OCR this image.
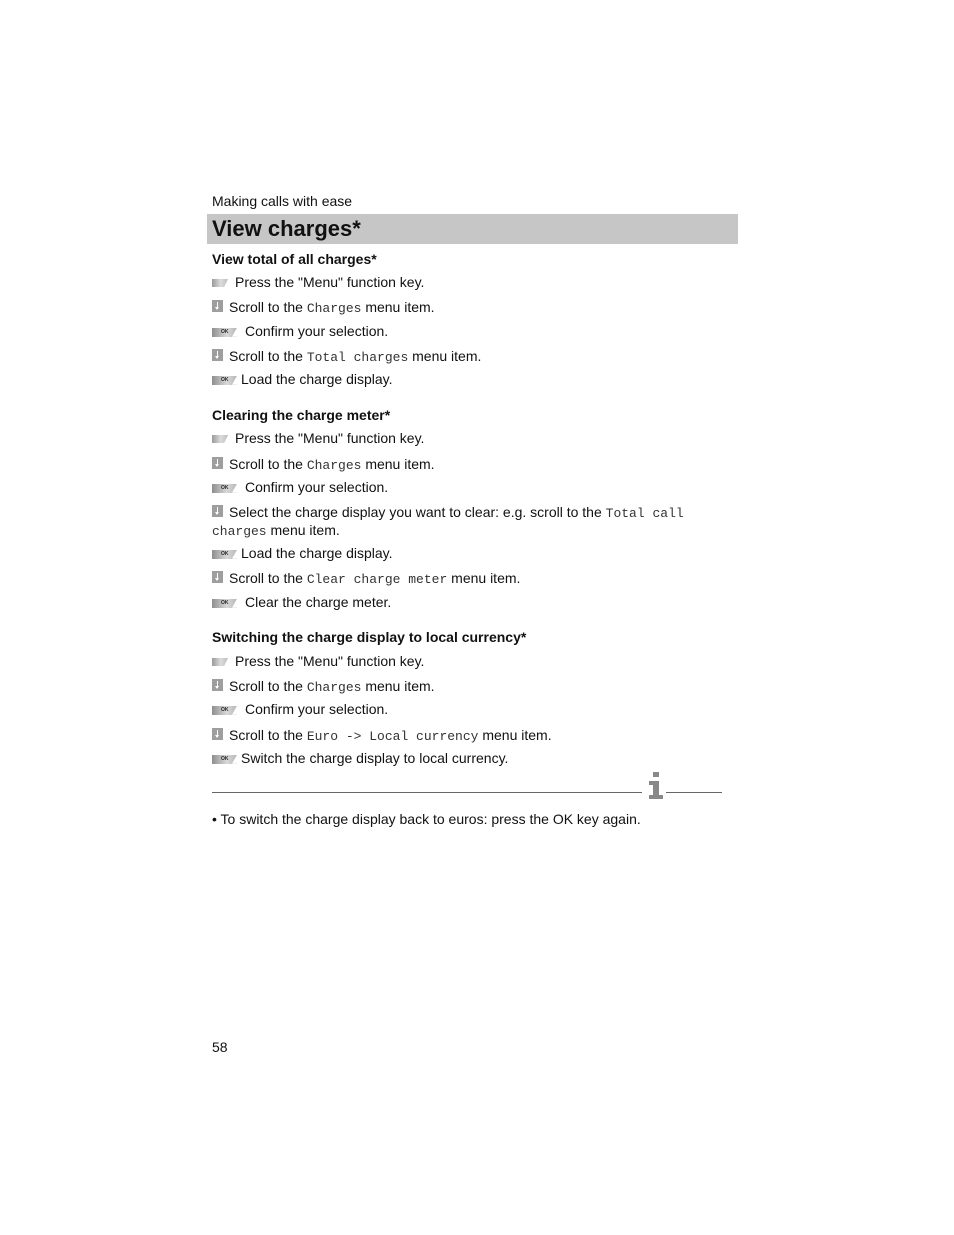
Making calls with ease
View charges*
View total of all charges*
Press the "Menu" function key.
Scroll to the Charges menu item.
OKConfirm your selection.
Scroll to the Total charges menu item.
OKLoad the charge display.
Clearing the charge meter*
Press the "Menu" function key.
Scroll to the Charges menu item.
OKConfirm your selection.
Select the charge display you want to clear: e.g. scroll to the Total call charges menu item.
OKLoad the charge display.
Scroll to the Clear charge meter menu item.
OKClear the charge meter.
Switching the charge display to local currency*
Press the "Menu" function key.
Scroll to the Charges menu item.
OKConfirm your selection.
Scroll to the Euro -> Local currency menu item.
OKSwitch the charge display to local currency.
• To switch the charge display back to euros: press the OK key again.
58
